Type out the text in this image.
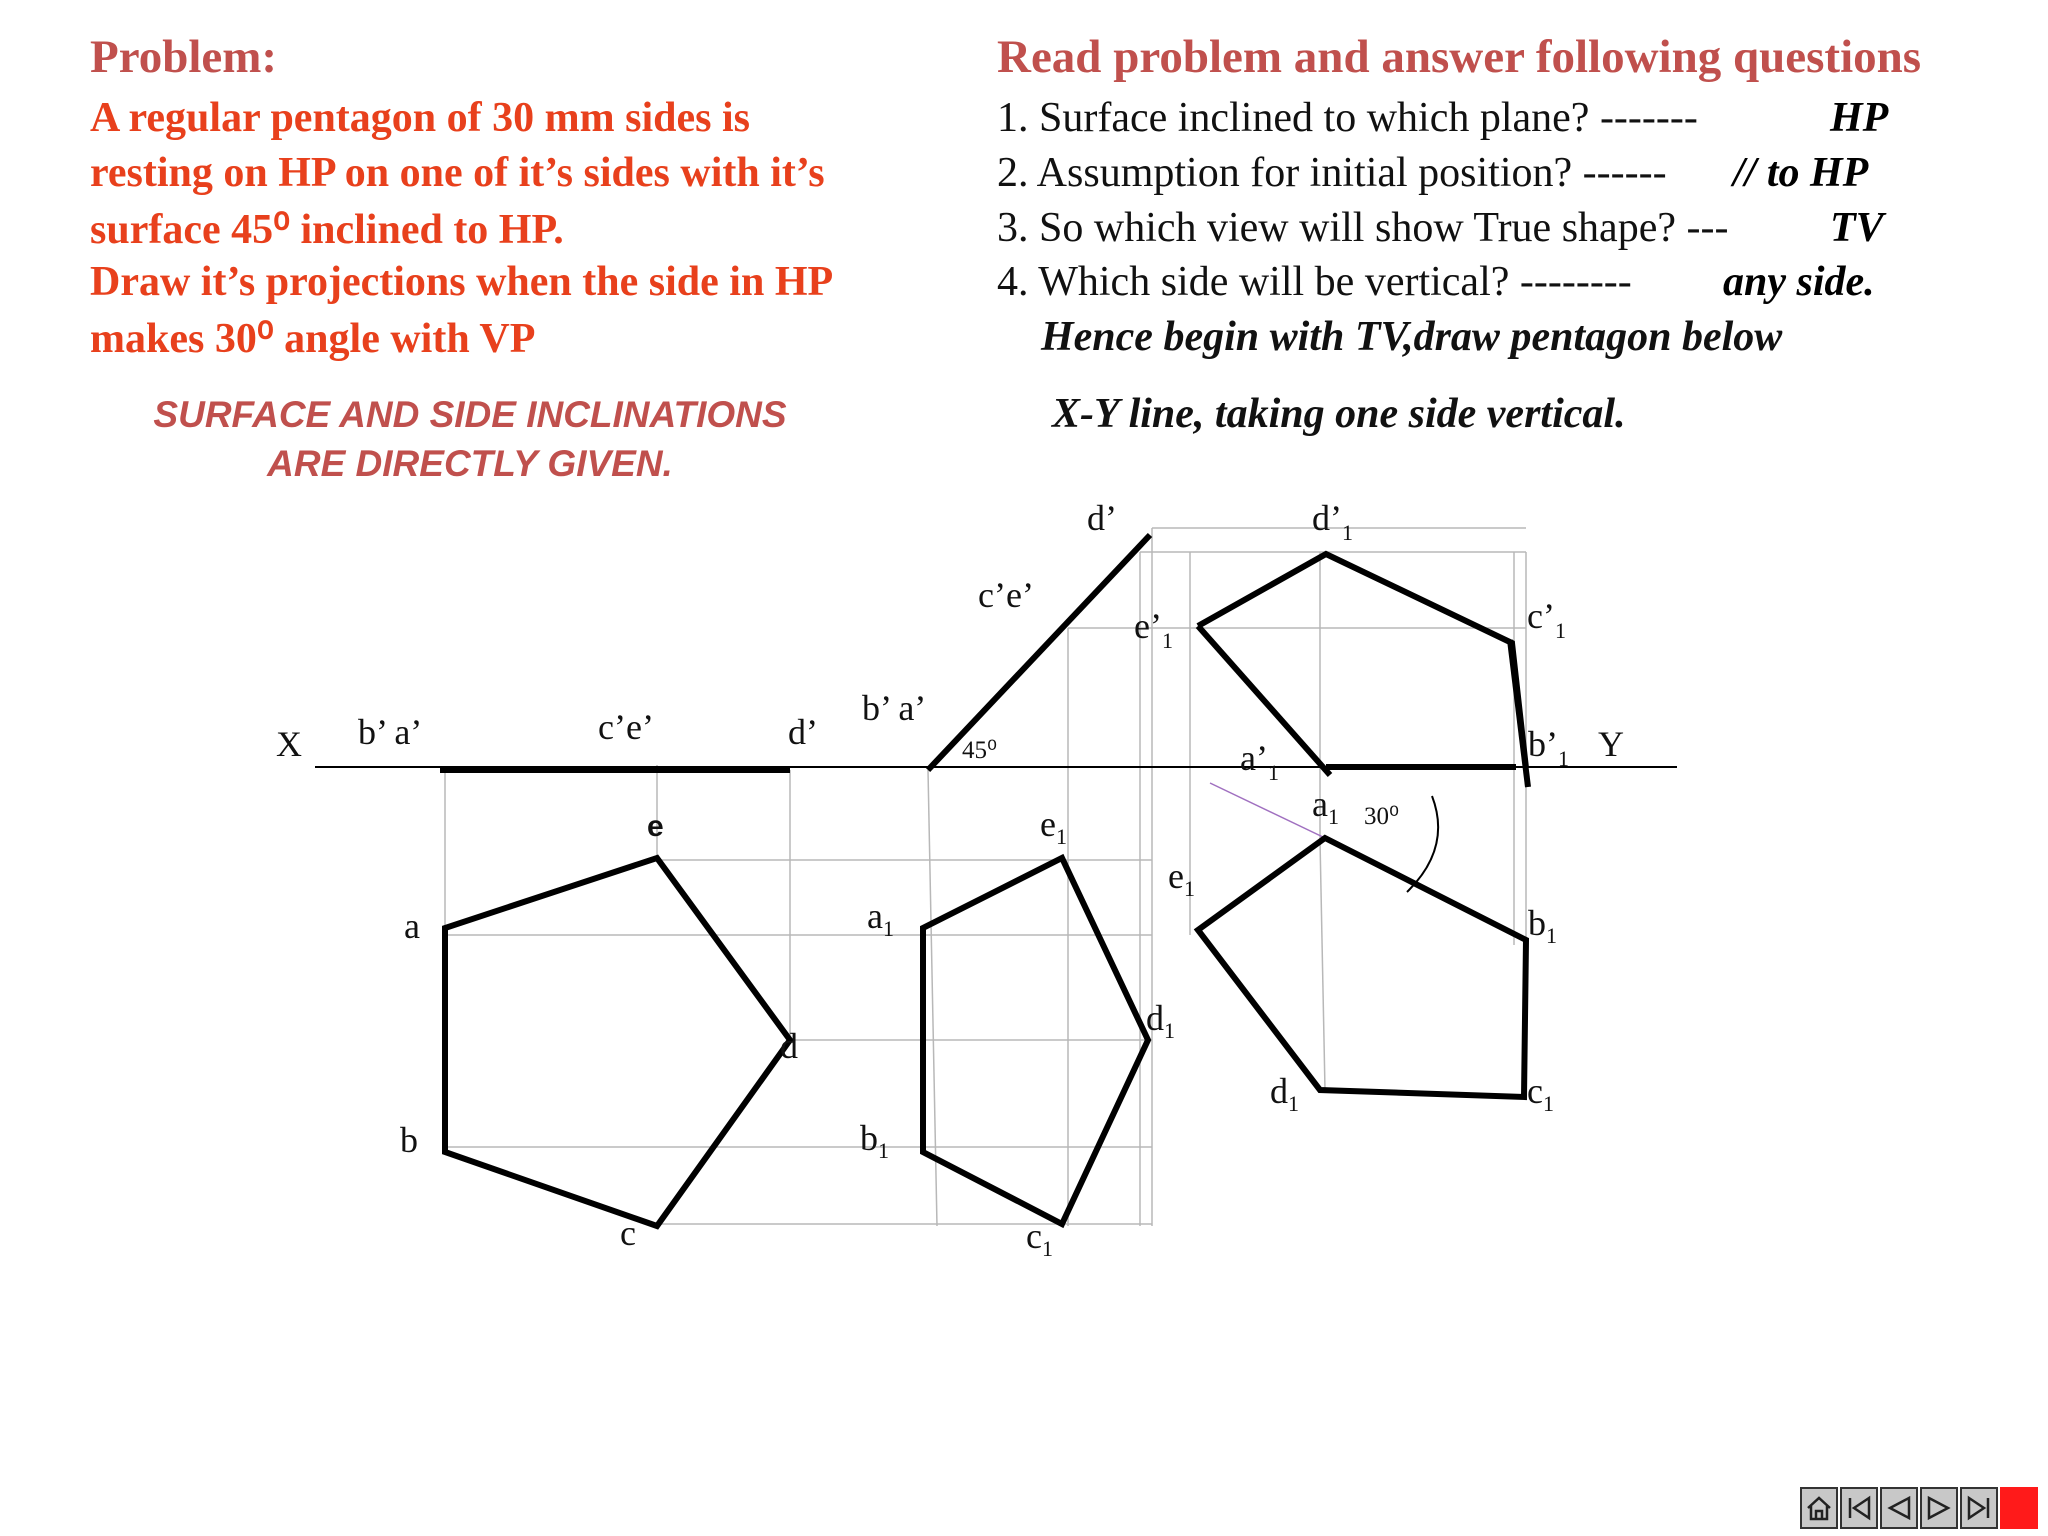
Problem:
A regular pentagon of 30 mm sides is
resting on HP on one of it’s sides with it’s
surface 45⁰ inclined to HP.
Draw it’s projections when the side in HP
makes 30⁰ angle with VP
SURFACE AND SIDE INCLINATIONS ARE DIRECTLY GIVEN.
Read problem and answer following questions
1. Surface inclined to which plane? -------	HP
2. Assumption for initial position? ------ // to HP
3. So which view will show True shape? --- TV
4. Which side will be vertical? -------- any side.
Hence begin with TV,draw pentagon below
X-Y line, taking one side vertical.
X	Y
b’ a’	c’e’	d’
a
b
c
d
e
d’
c’e’
b’ a’
45⁰
$a_1$
$b_1$
$c_1$
$d_1$
$e_1$
$d’_1$
$e’_1$
$c’_1$
$a’_1$
$b’_1$
$a_1$ 30⁰
$e_1$
$b_1$
$c_1$
$d_1$
